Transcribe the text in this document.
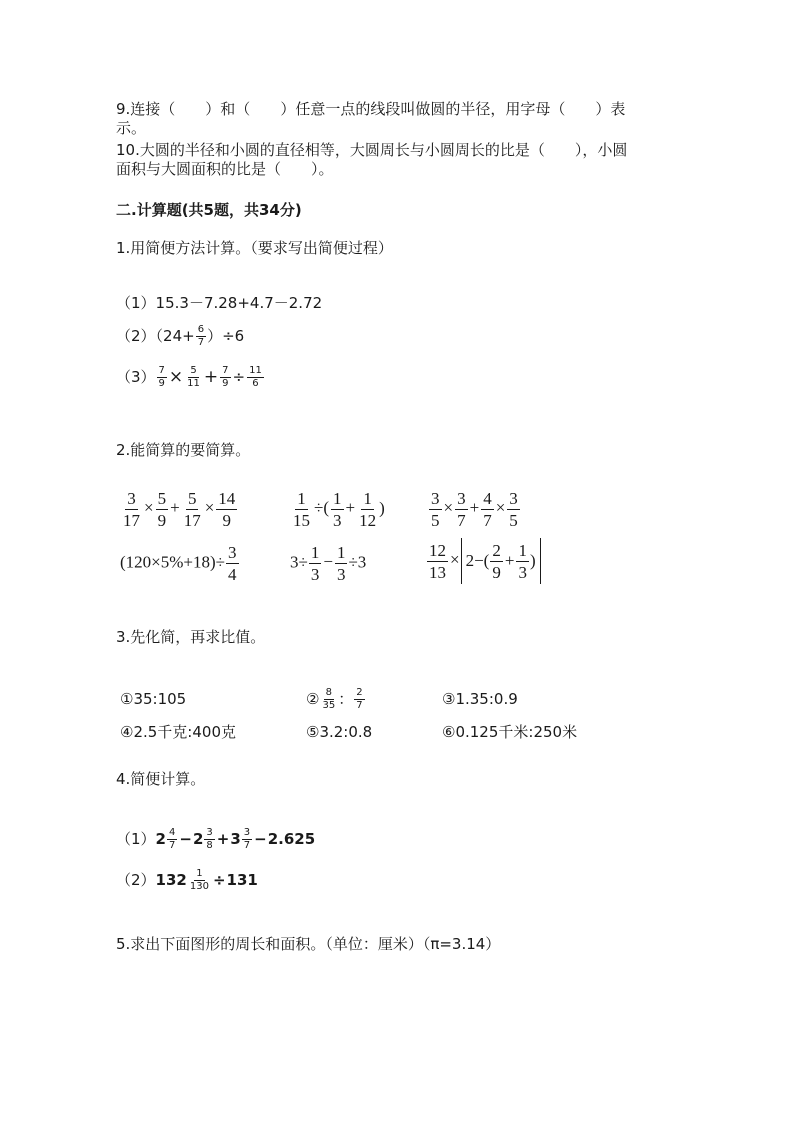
9.连接（　　）和（　　）任意一点的线段叫做圆的半径，用字母（　　）表
示。
10.大圆的半径和小圆的直径相等，大圆周长与小圆周长的比是（　　），小圆
面积与大圆面积的比是（　　）。
二.计算题(共5题，共34分)
1.用简便方法计算。（要求写出简便过程）
（1）15.3－7.28+4.7－2.72
$(2)(24+ \frac{6}{7} )\div 6$
$(3) \frac{7}{9} \times \frac{5}{11} + \frac{7}{9} \div \frac{11}{6}$
2.能简算的要简算。
$\frac{3}{17} \times \frac{5}{9} + \frac{5}{17} \times \frac{14}{9}$	$\frac{1}{15}$ ÷( $\frac{1}{3} + \frac{1}{12}$ )	$\frac{3}{5} \times \frac{3}{7} + \frac{4}{7} \times \frac{3}{5}$
$(120\times 5\%+18)\div \frac{3}{4}$	$3\div \frac{1}{3} - \frac{1}{3} \div 3$	$\frac{12}{13} \times 2-( \frac{2}{9} + \frac{1}{3}$ )
3.先化简，再求比值。
①35:105	② $\frac{8}{35}$ ： $\frac{2}{7}$	③1.35:0.9
④2.5千克:400克	⑤3.2:0.8	⑥0.125千米:250米
4.简便计算。
$(1)2 \frac{4}{7} -2 \frac{3}{8} +3 \frac{3}{7} -2.625$
$(2)132 \frac{1}{130} \div 131$
5.求出下面图形的周长和面积。（单位：厘米）（π=3.14）
